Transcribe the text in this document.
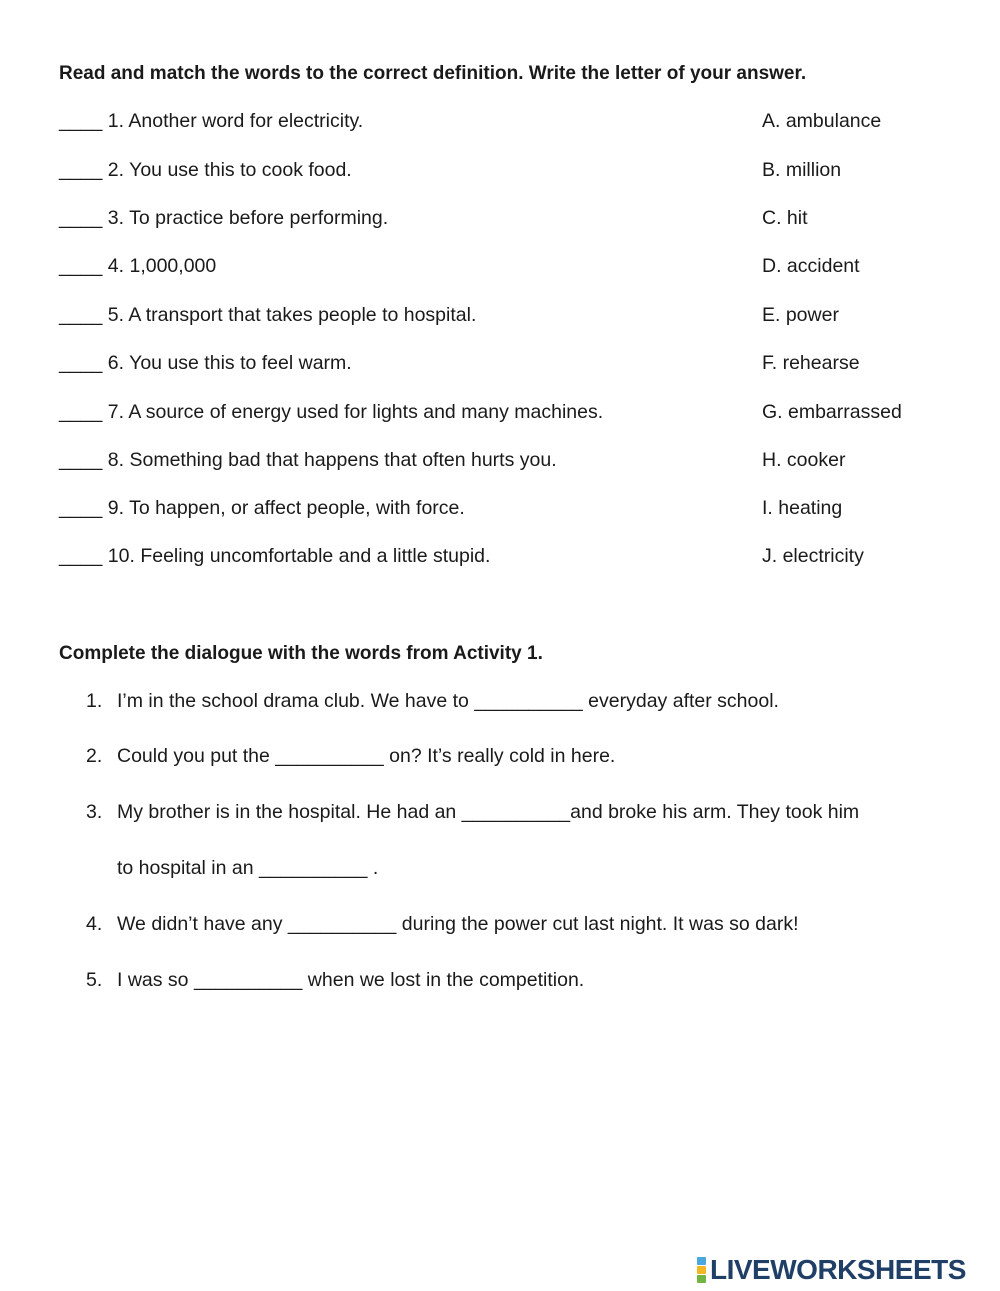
Read and match the words to the correct definition. Write the letter of your answer.
____ 1. Another word for electricity.	A. ambulance
____ 2. You use this to cook food.	B. million
____ 3. To practice before performing.	C. hit
____ 4. 1,000,000	D. accident
____ 5. A transport that takes people to hospital.	E. power
____ 6. You use this to feel warm.	F. rehearse
____ 7. A source of energy used for lights and many machines.	G. embarrassed
____ 8. Something bad that happens that often hurts you.	H. cooker
____ 9. To happen, or affect people, with force.	I. heating
____ 10. Feeling uncomfortable and a little stupid.	J. electricity
Complete the dialogue with the words from Activity 1.
1. I’m in the school drama club. We have to __________ everyday after school.
2. Could you put the __________ on? It’s really cold in here.
3. My brother is in the hospital. He had an __________and broke his arm. They took him
to hospital in an __________ .
4. We didn’t have any __________ during the power cut last night. It was so dark!
5. I was so __________ when we lost in the competition.
LIVEWORKSHEETS
